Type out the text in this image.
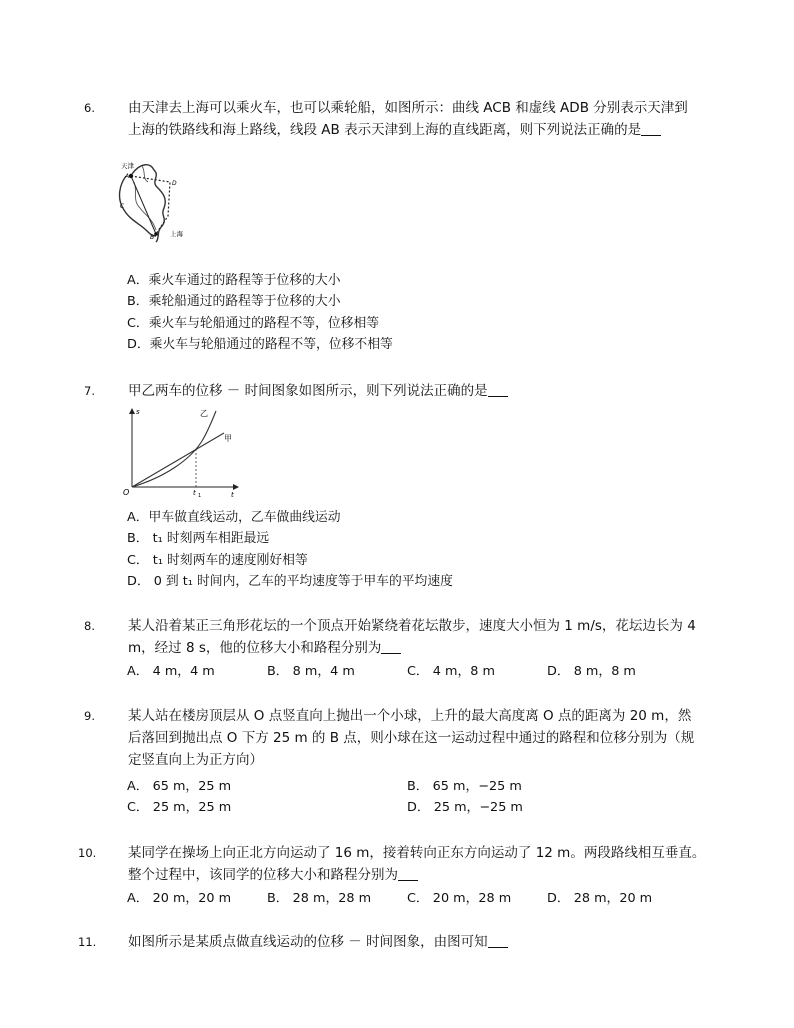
6. 由天津去上海可以乘火车，也可以乘轮船，如图所示：曲线 ACB 和虚线 ADB 分别表示天津到
上海的铁路线和海上路线，线段 AB 表示天津到上海的直线距离，则下列说法正确的是
天津
A
D
C
B 上海
A．乘火车通过的路程等于位移的大小
B．乘轮船通过的路程等于位移的大小
C．乘火车与轮船通过的路程不等，位移相等
D．乘火车与轮船通过的路程不等，位移不相等
7. 甲乙两车的位移 － 时间图象如图所示，则下列说法正确的是
s
t
O	t 1
乙
甲
A．甲车做直线运动，乙车做曲线运动
B． t₁ 时刻两车相距最远
C． t₁ 时刻两车的速度刚好相等
D． 0 到 t₁ 时间内，乙车的平均速度等于甲车的平均速度
8. 某人沿着某正三角形花坛的一个顶点开始紧绕着花坛散步，速度大小恒为 1 m/s，花坛边长为 4
m，经过 8 s，他的位移大小和路程分别为
A． 4 m，4 m	B． 8 m，4 m	C． 4 m，8 m	D． 8 m，8 m
9. 某人站在楼房顶层从 O 点竖直向上抛出一个小球，上升的最大高度离 O 点的距离为 20 m，然
后落回到抛出点 O 下方 25 m 的 B 点，则小球在这一运动过程中通过的路程和位移分别为（规
定竖直向上为正方向）
A． 65 m，25 m	B． 65 m，−25 m
C． 25 m，25 m	D． 25 m，−25 m
10. 某同学在操场上向正北方向运动了 16 m，接着转向正东方向运动了 12 m。两段路线相互垂直。
整个过程中，该同学的位移大小和路程分别为
A． 20 m，20 m	B． 28 m，28 m	C． 20 m，28 m	D． 28 m，20 m
11. 如图所示是某质点做直线运动的位移 － 时间图象，由图可知
